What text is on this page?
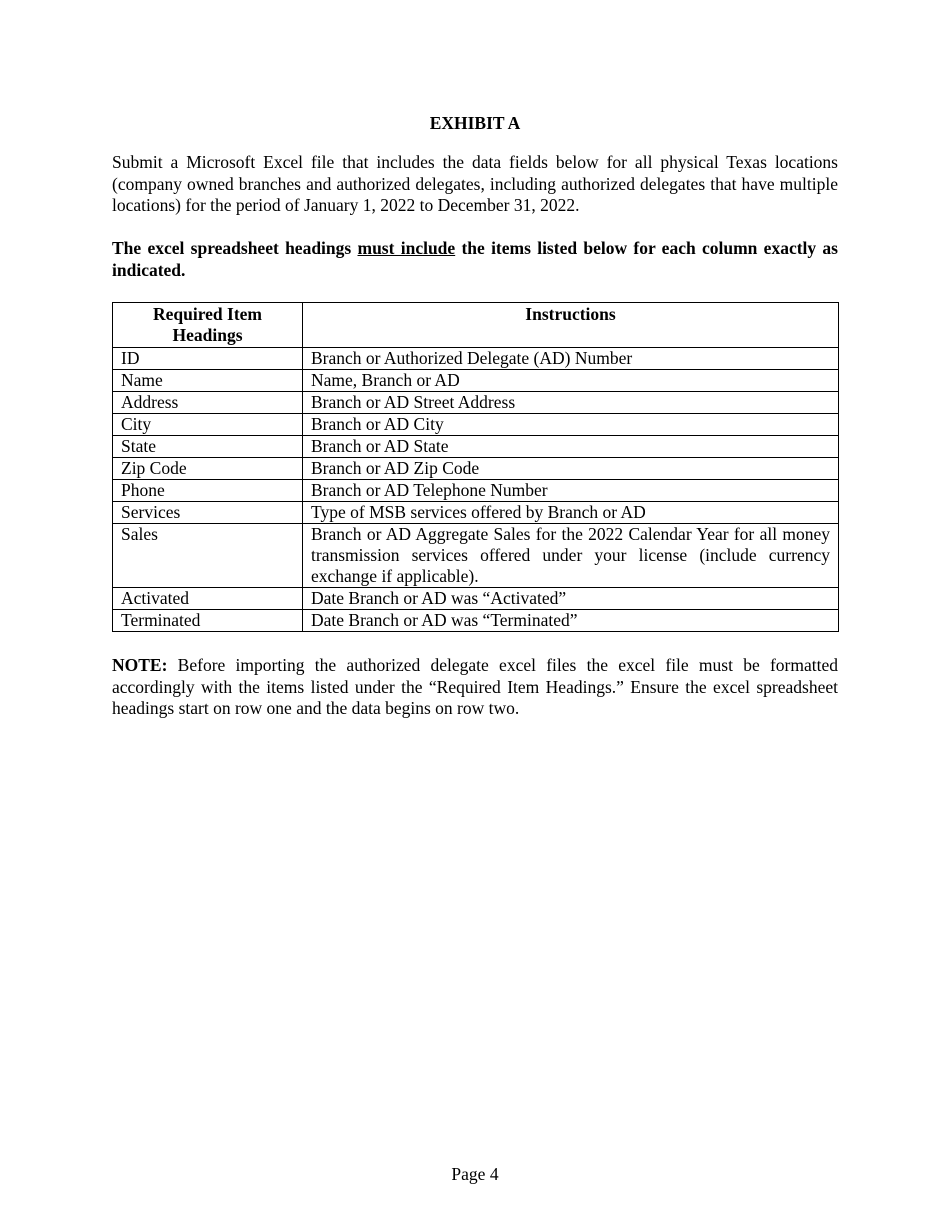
EXHIBIT A

Submit a Microsoft Excel file that includes the data fields below for all physical Texas locations (company owned branches and authorized delegates, including authorized delegates that have multiple locations) for the period of January 1, 2022 to December 31, 2022.

The excel spreadsheet headings must include the items listed below for each column exactly as indicated.

Required Item Headings	Instructions
ID	Branch or Authorized Delegate (AD) Number
Name	Name, Branch or AD
Address	Branch or AD Street Address
City	Branch or AD City
State	Branch or AD State
Zip Code	Branch or AD Zip Code
Phone	Branch or AD Telephone Number
Services	Type of MSB services offered by Branch or AD
Sales	Branch or AD Aggregate Sales for the 2022 Calendar Year for all money transmission services offered under your license (include currency exchange if applicable).
Activated	Date Branch or AD was “Activated”
Terminated	Date Branch or AD was “Terminated”

NOTE: Before importing the authorized delegate excel files the excel file must be formatted accordingly with the items listed under the “Required Item Headings.” Ensure the excel spreadsheet headings start on row one and the data begins on row two.

Page 4
